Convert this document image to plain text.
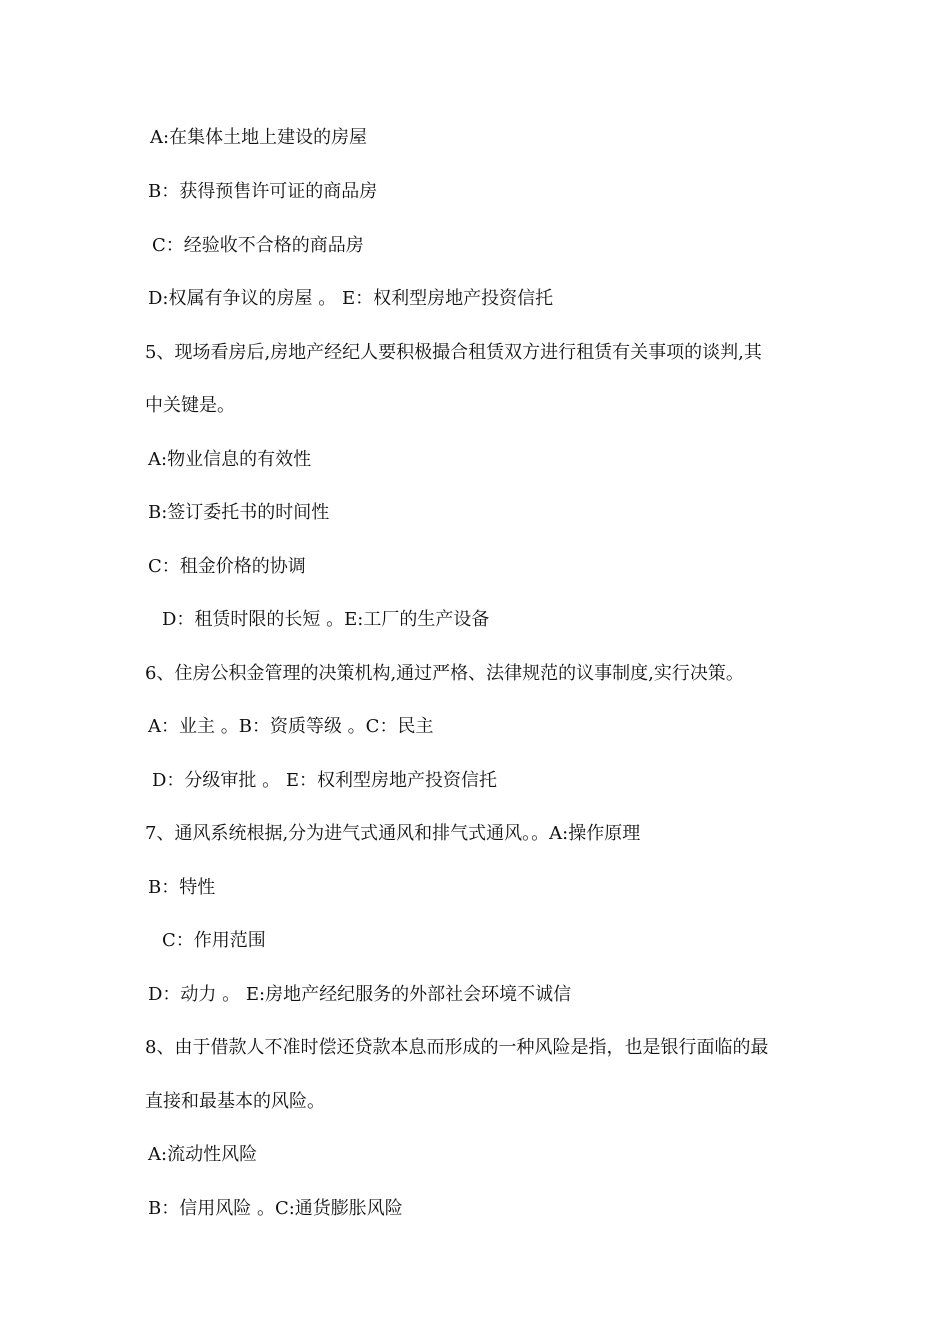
A:在集体土地上建设的房屋
B：获得预售许可证的商品房
C：经验收不合格的商品房
D:权属有争议的房屋 。 E：权利型房地产投资信托
5、现场看房后,房地产经纪人要积极撮合租赁双方进行租赁有关事项的谈判,其
中关键是。
A:物业信息的有效性
B:签订委托书的时间性
C：租金价格的协调
D：租赁时限的长短 。E:工厂的生产设备
6、住房公积金管理的决策机构,通过严格、法律规范的议事制度,实行决策。
A：业主 。B：资质等级 。C：民主
D：分级审批 。 E：权利型房地产投资信托
7、通风系统根据,分为进气式通风和排气式通风。。A:操作原理
B：特性
C：作用范围
D：动力 。 E:房地产经纪服务的外部社会环境不诚信
8、由于借款人不准时偿还贷款本息而形成的一种风险是指，也是银行面临的最
直接和最基本的风险。
A:流动性风险
B：信用风险 。C:通货膨胀风险
